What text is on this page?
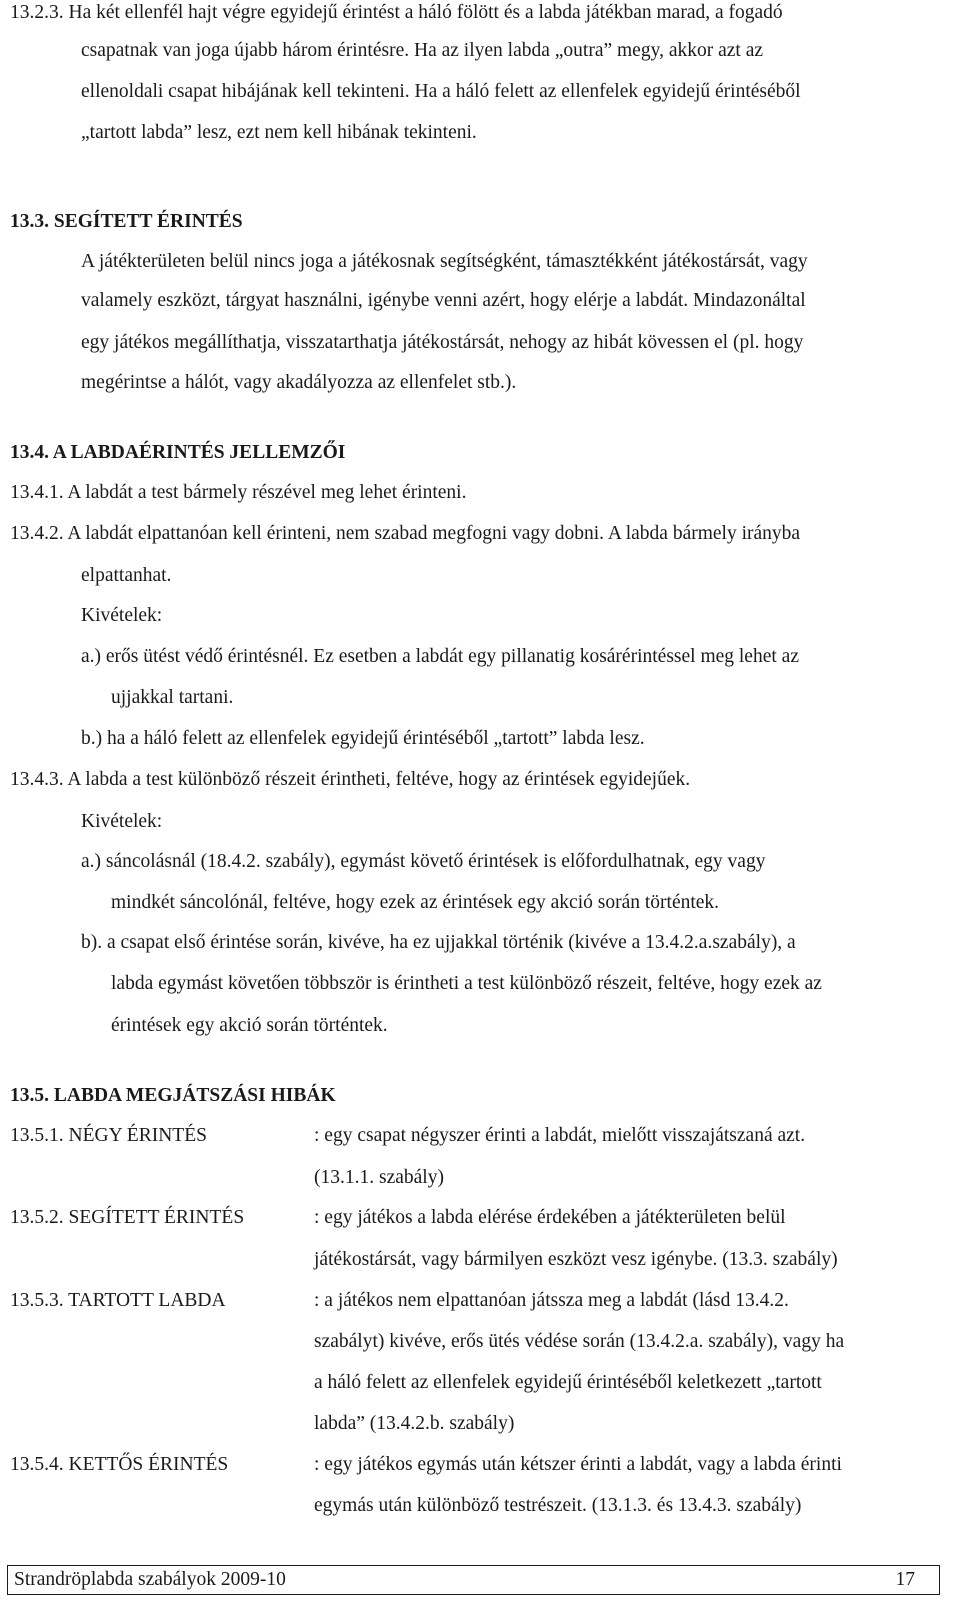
13.2.3. Ha két ellenfél hajt végre egyidejű érintést a háló fölött és a labda játékban marad, a fogadó
csapatnak van joga újabb három érintésre. Ha az ilyen labda „outra” megy, akkor azt az
ellenoldali csapat hibájának kell tekinteni. Ha a háló felett az ellenfelek egyidejű érintéséből
„tartott labda” lesz, ezt nem kell hibának tekinteni.
13.3. SEGÍTETT ÉRINTÉS
A játékterületen belül nincs joga a játékosnak segítségként, támasztékként játékostársát, vagy
valamely eszközt, tárgyat használni, igénybe venni azért, hogy elérje a labdát. Mindazonáltal
egy játékos megállíthatja, visszatarthatja játékostársát, nehogy az hibát kövessen el (pl. hogy
megérintse a hálót, vagy akadályozza az ellenfelet stb.).
13.4. A LABDAÉRINTÉS JELLEMZŐI
13.4.1. A labdát a test bármely részével meg lehet érinteni.
13.4.2. A labdát elpattanóan kell érinteni, nem szabad megfogni vagy dobni. A labda bármely irányba
elpattanhat.
Kivételek:
a.) erős ütést védő érintésnél. Ez esetben a labdát egy pillanatig kosárérintéssel meg lehet az
ujjakkal tartani.
b.) ha a háló felett az ellenfelek egyidejű érintéséből „tartott” labda lesz.
13.4.3. A labda a test különböző részeit érintheti, feltéve, hogy az érintések egyidejűek.
Kivételek:
a.) sáncolásnál (18.4.2. szabály), egymást követő érintések is előfordulhatnak, egy vagy
mindkét sáncolónál, feltéve, hogy ezek az érintések egy akció során történtek.
b). a csapat első érintése során, kivéve, ha ez ujjakkal történik (kivéve a 13.4.2.a.szabály), a
labda egymást követően többször is érintheti a test különböző részeit, feltéve, hogy ezek az
érintések egy akció során történtek.
13.5. LABDA MEGJÁTSZÁSI HIBÁK
13.5.1. NÉGY ÉRINTÉS	: egy csapat négyszer érinti a labdát, mielőtt visszajátszaná azt.
(13.1.1. szabály)
13.5.2. SEGÍTETT ÉRINTÉS	: egy játékos a labda elérése érdekében a játékterületen belül
játékostársát, vagy bármilyen eszközt vesz igénybe. (13.3. szabály)
13.5.3. TARTOTT LABDA	: a játékos nem elpattanóan játssza meg a labdát (lásd 13.4.2.
szabályt) kivéve, erős ütés védése során (13.4.2.a. szabály), vagy ha
a háló felett az ellenfelek egyidejű érintéséből keletkezett „tartott
labda” (13.4.2.b. szabály)
13.5.4. KETTŐS ÉRINTÉS	: egy játékos egymás után kétszer érinti a labdát, vagy a labda érinti
egymás után különböző testrészeit. (13.1.3. és 13.4.3. szabály)
Strandröplabda szabályok 2009-10	17
